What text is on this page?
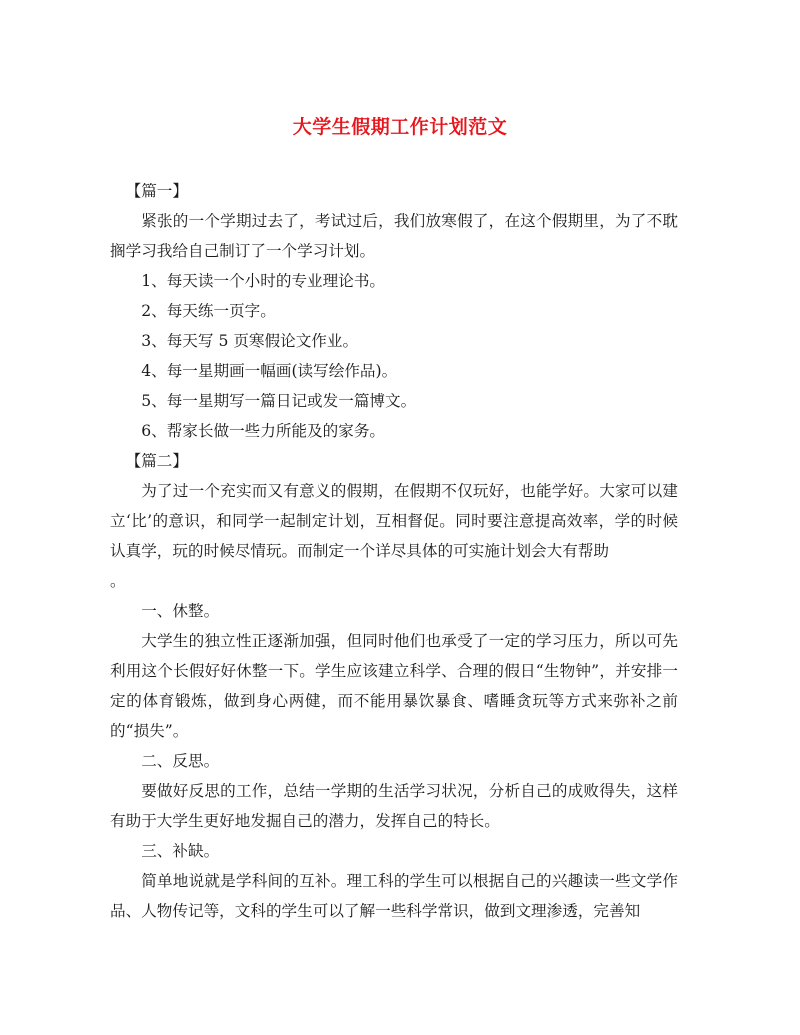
大学生假期工作计划范文

【篇一】

紧张的一个学期过去了，考试过后，我们放寒假了，在这个假期里，为了不耽搁学习我给自己制订了一个学习计划。

1、每天读一个小时的专业理论书。

2、每天练一页字。

3、每天写 5 页寒假论文作业。

4、每一星期画一幅画(读写绘作品)。

5、每一星期写一篇日记或发一篇博文。

6、帮家长做一些力所能及的家务。

【篇二】

为了过一个充实而又有意义的假期，在假期不仅玩好，也能学好。大家可以建立‘比’的意识，和同学一起制定计划，互相督促。同时要注意提高效率，学的时候认真学，玩的时候尽情玩。而制定一个详尽具体的可实施计划会大有帮助

。

一、休整。

大学生的独立性正逐渐加强，但同时他们也承受了一定的学习压力，所以可先利用这个长假好好休整一下。学生应该建立科学、合理的假日“生物钟”，并安排一定的体育锻炼，做到身心两健，而不能用暴饮暴食、嗜睡贪玩等方式来弥补之前的“损失”。

二、反思。

要做好反思的工作，总结一学期的生活学习状况，分析自己的成败得失，这样有助于大学生更好地发掘自己的潜力，发挥自己的特长。

三、补缺。

简单地说就是学科间的互补。理工科的学生可以根据自己的兴趣读一些文学作品、人物传记等，文科的学生可以了解一些科学常识，做到文理渗透，完善知
